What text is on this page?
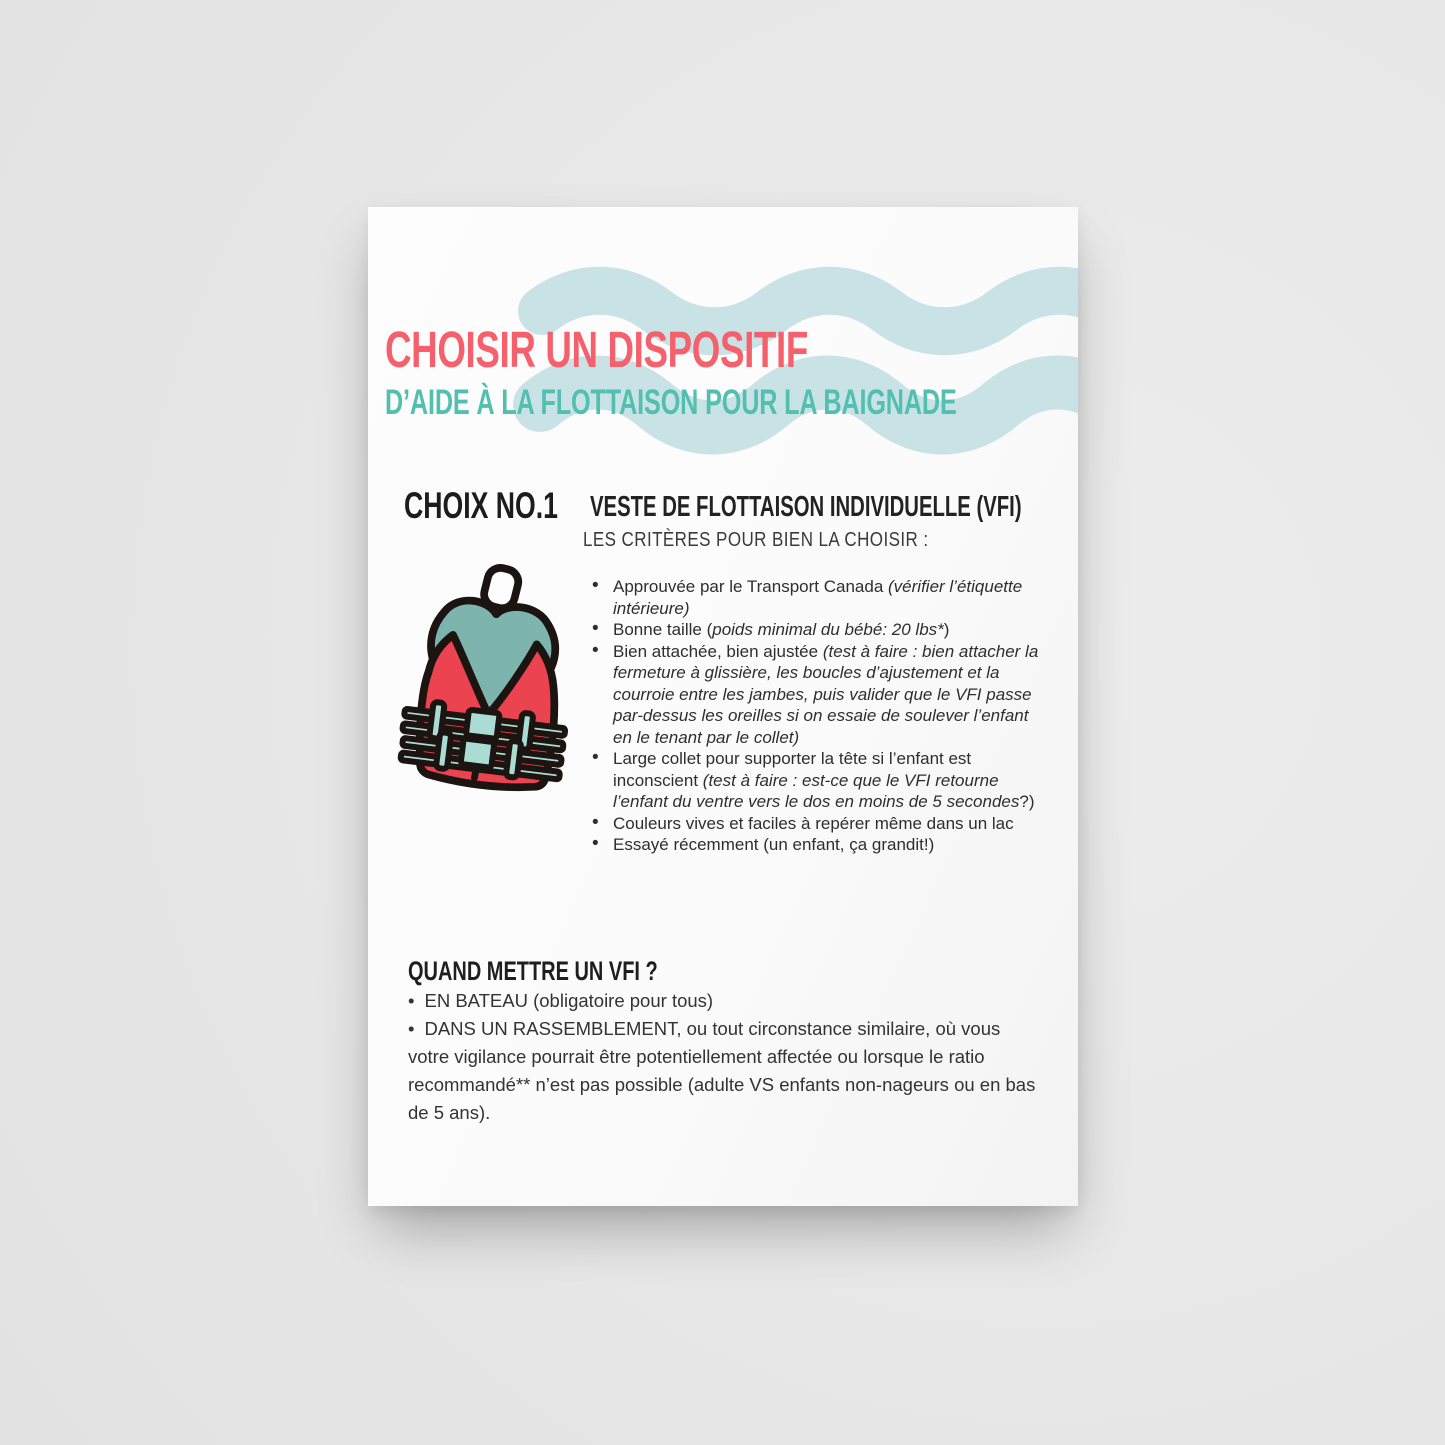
CHOISIR UN DISPOSITIF
D’AIDE À LA FLOTTAISON POUR LA BAIGNADE
CHOIX NO.1 VESTE DE FLOTTAISON INDIVIDUELLE (VFI)
LES CRITÈRES POUR BIEN LA CHOISIR :
• Approuvée par le Transport Canada (vérifier l’étiquette intérieure)
• Bonne taille (poids minimal du bébé: 20 lbs*)
• Bien attachée, bien ajustée (test à faire : bien attacher la fermeture à glissière, les boucles d’ajustement et la courroie entre les jambes, puis valider que le VFI passe par-dessus les oreilles si on essaie de soulever l’enfant en le tenant par le collet)
• Large collet pour supporter la tête si l’enfant est inconscient (test à faire : est-ce que le VFI retourne l’enfant du ventre vers le dos en moins de 5 secondes?)
• Couleurs vives et faciles à repérer même dans un lac
• Essayé récemment (un enfant, ça grandit!)
QUAND METTRE UN VFI ?

• EN BATEAU (obligatoire pour tous)

• DANS UN RASSEMBLEMENT, ou tout circonstance similaire, où vous votre vigilance pourrait être potentiellement affectée ou lorsque le ratio recommandé** n’est pas possible (adulte VS enfants non-nageurs ou en bas de 5 ans).
